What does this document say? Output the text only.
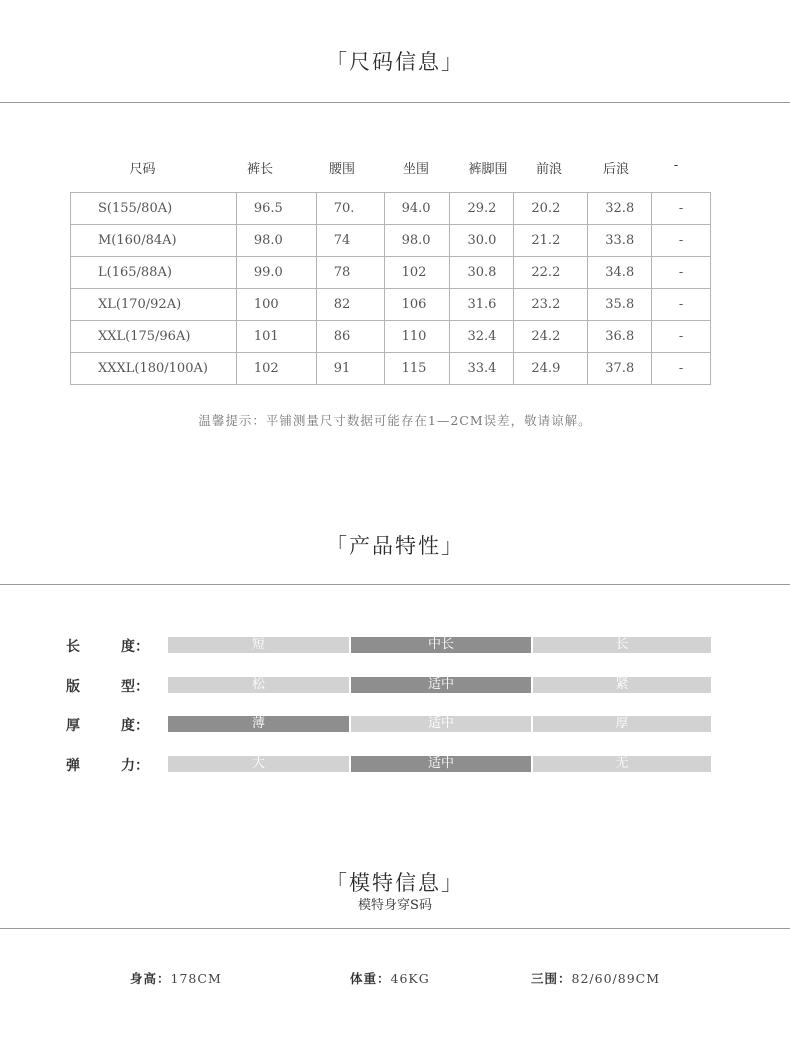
「尺码信息」
尺码	裤长	腰围	坐围	裤脚围	前浪	后浪	-
S(155/80A)	96.5	70.	94.0	29.2	20.2	32.8	-
M(160/84A)	98.0	74	98.0	30.0	21.2	33.8	-
L(165/88A)	99.0	78	102	30.8	22.2	34.8	-
XL(170/92A)	100	82	106	31.6	23.2	35.8	-
XXL(175/96A)	101	86	110	32.4	24.2	36.8	-
XXXL(180/100A)	102	91	115	33.4	24.9	37.8	-
温馨提示：平铺测量尺寸数据可能存在1—2CM误差，敬请谅解。
「产品特性」
长	度：	短	中长	长
版	型：	松	适中	紧
厚	度：	薄	适中	厚
弹	力：	大	适中	无
「模特信息」
模特身穿S码
身高：178CM	体重：46KG	三围：82/60/89CM
